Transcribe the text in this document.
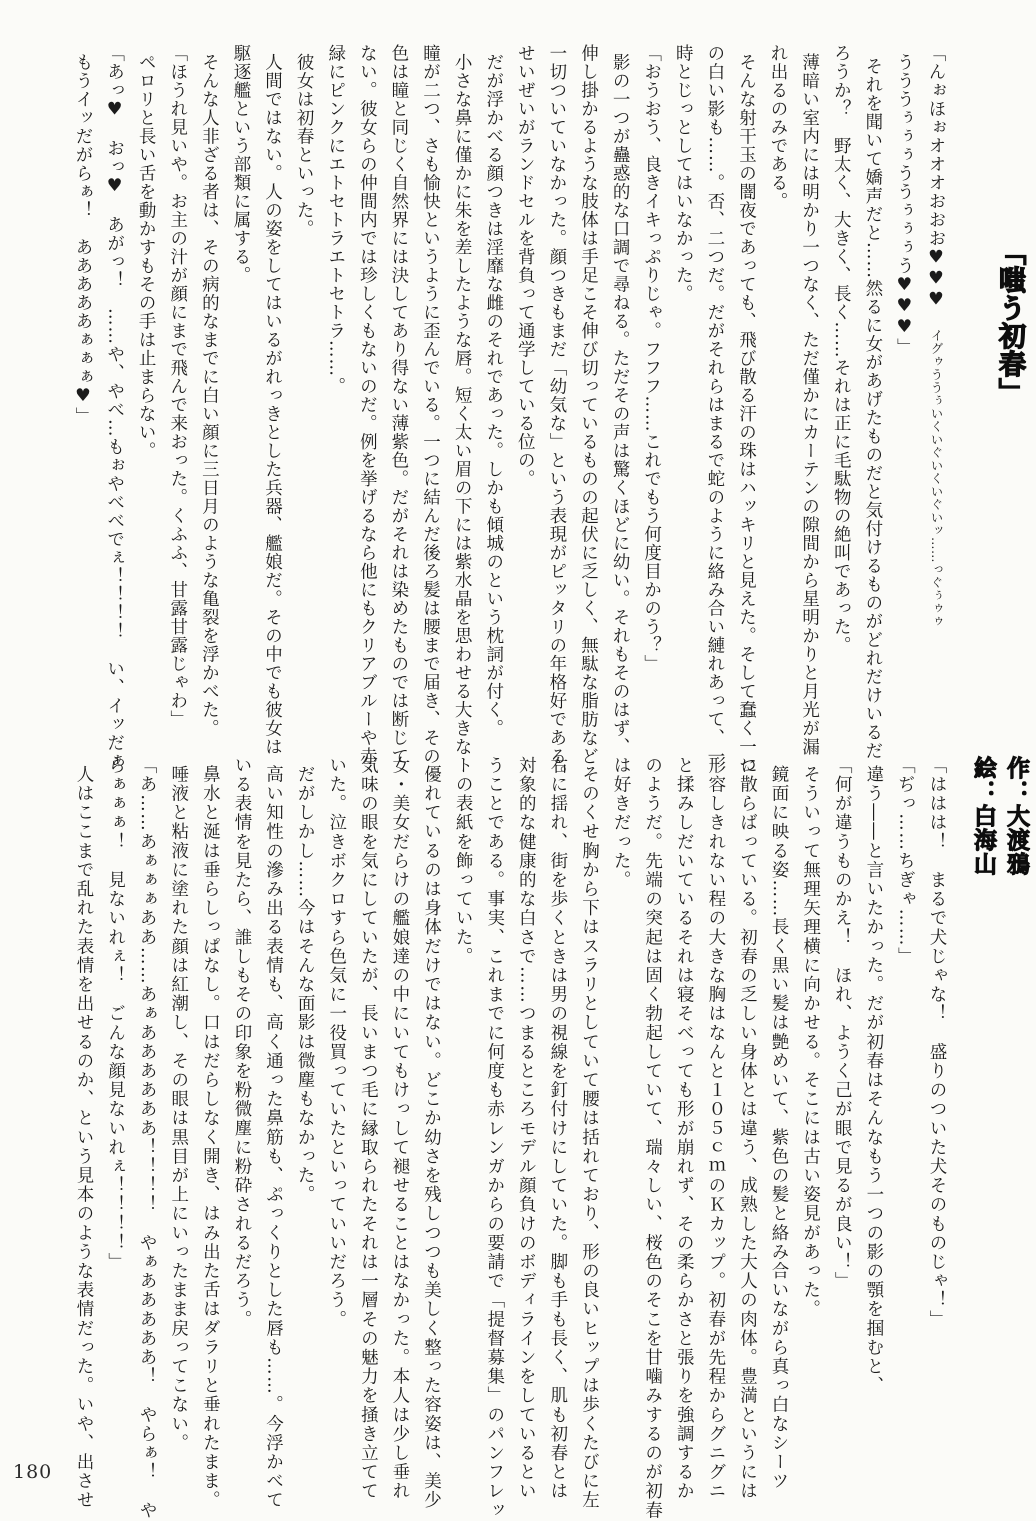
「嗤う初春」
「んぉほぉオオオおおお♥♥♥　イグゥううぅいくいぐいくいぐいッ……っぐぅゥゥ
うううぅぅぅううぅぅぅう♥♥♥」
それを聞いて嬌声だと……然るに女があげたものだと気付けるものがどれだけいるだ
ろうか？　野太く、大きく、長く……それは正に毛駄物の絶叫であった。
薄暗い室内には明かり一つなく、ただ僅かにカーテンの隙間から星明かりと月光が漏
れ出るのみである。
そんな射干玉の闇夜であっても、飛び散る汗の珠はハッキリと見えた。そして蠢く一つ
の白い影も……。否、二つだ。だがそれらはまるで蛇のように絡み合い縺れあって、一
時とじっとしてはいなかった。
「おうおう、良きイキっぷりじゃ。フフフ……これでもう何度目かのう？」
影の一つが蠱惑的な口調で尋ねる。ただその声は驚くほどに幼い。それもそのはず、
伸し掛かるような肢体は手足こそ伸び切っているものの起伏に乏しく、無駄な脂肪など
一切ついていなかった。顔つきもまだ「幼気な」という表現がピッタリの年格好である。
せいぜいがランドセルを背負って通学している位の。
だが浮かべる顔つきは淫靡な雌のそれであった。しかも傾城のという枕詞が付く。
小さな鼻に僅かに朱を差したような唇。短く太い眉の下には紫水晶を思わせる大きな
瞳が二つ、さも愉快というように歪んでいる。一つに結んだ後ろ髪は腰まで届き、その
色は瞳と同じく自然界には決してあり得ない薄紫色。だがそれは染めたものでは断じて
ない。彼女らの仲間内では珍しくもないのだ。例を挙げるなら他にもクリアブルーや赤
緑にピンクにエトセトラエトセトラ……。
彼女は初春といった。
人間ではない。人の姿をしてはいるがれっきとした兵器、艦娘だ。その中でも彼女は
駆逐艦という部類に属する。
そんな人非ざる者は、その病的なまでに白い顔に三日月のような亀裂を浮かべた。
「ほうれ見いや。お主の汁が顔にまで飛んで来おった。くふふ、甘露甘露じゃわ」
ペロリと長い舌を動かすもその手は止まらない。
「あっ♥　おっ♥　あがっ！　……や、やべ…もぉやべべでぇ！！！！　い、イッだぁ
もうイッだがらぁ！　あああああぁぁぁ♥」
作：大渡鴉
絵：白海山
「ははは！　まるで犬じゃな！　盛りのついた犬そのものじゃ！」
「ぢっ……ちぎゃ……」
違う――と言いたかった。だが初春はそんなもう一つの影の顎を掴むと、
「何が違うものかえ！　ほれ、ようく己が眼で見るが良い！」
そういって無理矢理横に向かせる。そこには古い姿見があった。
鏡面に映る姿……長く黒い髪は艶めいて、紫色の髪と絡み合いながら真っ白なシーツ
に散らばっている。初春の乏しい身体とは違う、成熟した大人の肉体。豊満というには
形容しきれない程の大きな胸はなんと１０５ｃｍのＫカップ。初春が先程からグニグニ
と揉みしだいているそれは寝そべっても形が崩れず、その柔らかさと張りを強調するか
のようだ。先端の突起は固く勃起していて、瑞々しい、桜色のそこを甘噛みするのが初春
は好きだった。
そのくせ胸から下はスラリとしていて腰は括れており、形の良いヒップは歩くたびに左
右に揺れ、街を歩くときは男の視線を釘付けにしていた。脚も手も長く、肌も初春とは
対象的な健康的な白さで……つまるところモデル顔負けのボディラインをしているとい
うことである。事実、これまでに何度も赤レンガからの要請で「提督募集」のパンフレッ
トの表紙を飾っていた。
優れているのは身体だけではない。どこか幼さを残しつつも美しく整った容姿は、美少
女・美女だらけの艦娘達の中にいてもけっして褪せることはなかった。本人は少し垂れ
気味の眼を気にしていたが、長いまつ毛に縁取られたそれは一層その魅力を掻き立てて
いた。泣きボクロすら色気に一役買っていたといっていいだろう。
だがしかし……今はそんな面影は微塵もなかった。
高い知性の滲み出る表情も、高く通った鼻筋も、ぷっくりとした唇も……。今浮かべて
いる表情を見たら、誰しもその印象を粉微塵に粉砕されるだろう。
鼻水と涎は垂らしっぱなし。口はだらしなく開き、はみ出た舌はダラリと垂れたまま。
唾液と粘液に塗れた顔は紅潮し、その眼は黒目が上にいったまま戻ってこない。
「あ……あぁぁぁああ……あぁああああああ！！！！　やぁあああああ！　やらぁ！　や
らぁぁぁ！　見ないれぇ！　ごんな顔見ないれぇ！！！！」
人はここまで乱れた表情を出せるのか、という見本のような表情だった。いや、出させ
180
